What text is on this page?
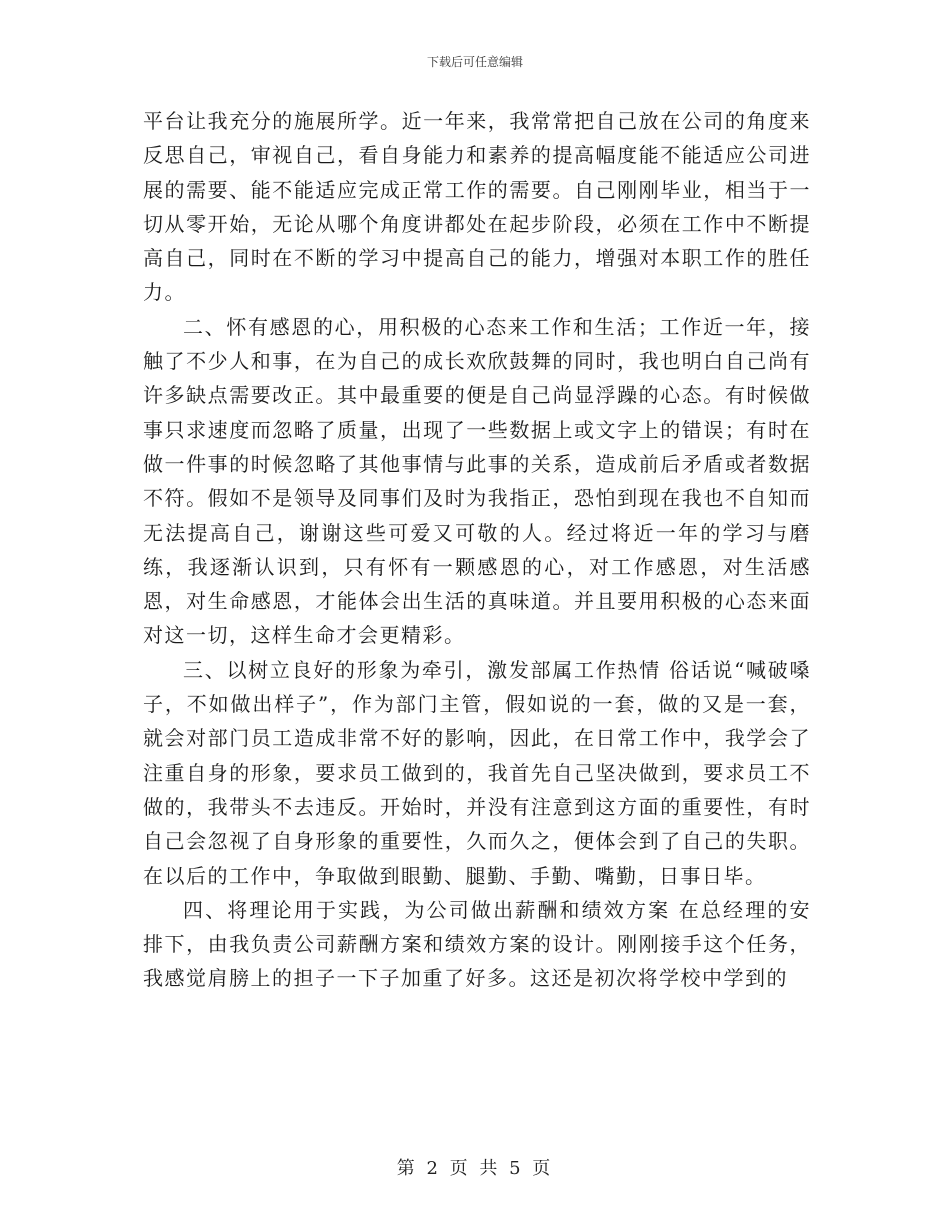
下载后可任意编辑

平台让我充分的施展所学。近一年来，我常常把自己放在公司的角度来反思自己，审视自己，看自身能力和素养的提高幅度能不能适应公司进展的需要、能不能适应完成正常工作的需要。自己刚刚毕业，相当于一切从零开始，无论从哪个角度讲都处在起步阶段，必须在工作中不断提高自己，同时在不断的学习中提高自己的能力，增强对本职工作的胜任力。

二、怀有感恩的心，用积极的心态来工作和生活；工作近一年，接触了不少人和事，在为自己的成长欢欣鼓舞的同时，我也明白自己尚有许多缺点需要改正。其中最重要的便是自己尚显浮躁的心态。有时候做事只求速度而忽略了质量，出现了一些数据上或文字上的错误；有时在做一件事的时候忽略了其他事情与此事的关系，造成前后矛盾或者数据不符。假如不是领导及同事们及时为我指正，恐怕到现在我也不自知而无法提高自己，谢谢这些可爱又可敬的人。经过将近一年的学习与磨练，我逐渐认识到，只有怀有一颗感恩的心，对工作感恩，对生活感恩，对生命感恩，才能体会出生活的真味道。并且要用积极的心态来面对这一切，这样生命才会更精彩。

三、以树立良好的形象为牵引，激发部属工作热情 俗话说“喊破嗓子，不如做出样子”，作为部门主管，假如说的一套，做的又是一套，就会对部门员工造成非常不好的影响，因此，在日常工作中，我学会了注重自身的形象，要求员工做到的，我首先自己坚决做到，要求员工不做的，我带头不去违反。开始时，并没有注意到这方面的重要性，有时自己会忽视了自身形象的重要性，久而久之，便体会到了自己的失职。在以后的工作中，争取做到眼勤、腿勤、手勤、嘴勤，日事日毕。

四、将理论用于实践，为公司做出薪酬和绩效方案 在总经理的安排下，由我负责公司薪酬方案和绩效方案的设计。刚刚接手这个任务，我感觉肩膀上的担子一下子加重了好多。这还是初次将学校中学到的

第 2 页 共 5 页
